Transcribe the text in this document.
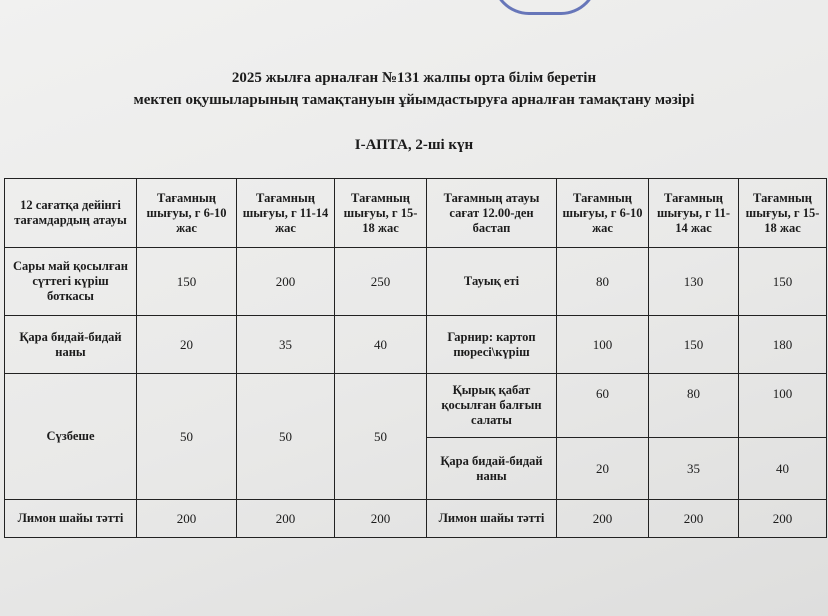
2025 жылға арналған №131 жалпы орта білім беретін
мектеп оқушыларының тамақтануын ұйымдастыруға арналған тамақтану мәзірі
І-АПТА, 2-ші күн
12 сағатқа дейінгі тағамдардың атауы	Тағамның шығуы, г 6-10 жас	Тағамның шығуы, г 11-14 жас	Тағамның шығуы, г 15-18 жас	Тағамның атауы сағат 12.00-ден бастап	Тағамның шығуы, г 6-10 жас	Тағамның шығуы, г 11-14 жас	Тағамның шығуы, г 15-18 жас
Сары май қосылған сүттегі күріш боткасы	150	200	250	Тауық еті	80	130	150
Қара бидай-бидай наны	20	35	40	Гарнир: картоп пюресі\күріш	100	150	180
Сүзбеше	50	50	50	Қырық қабат қосылған балғын салаты	60	80	100
				Қара бидай-бидай наны	20	35	40
Лимон шайы тәтті	200	200	200	Лимон шайы тәтті	200	200	200
